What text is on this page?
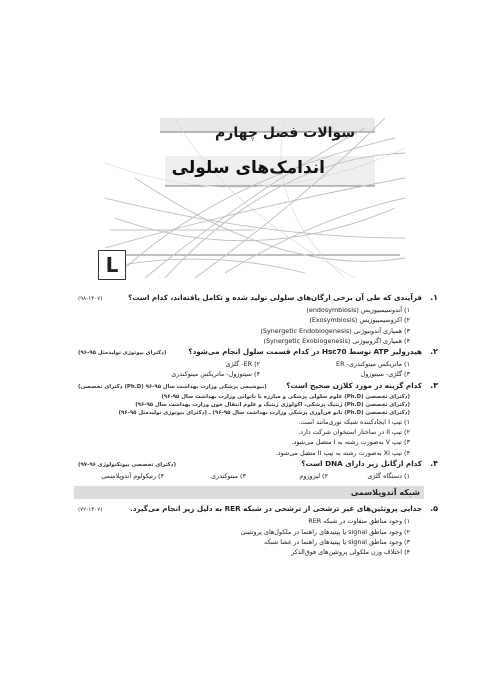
سوالات فصل چهارم
اندامک‌های سلولی
L
۱.
فرآیندی که طی آن برخی ارگان‌های سلولی تولید شده و تکامل یافته‌اند، کدام است؟
(۹۸-۱۴۰۷)
۱) آندوسیمبیوزیس (endosymbiosis)
۲) اکزوسیمبیوزیس (Exosymbiosis)
۳) همیاری آندوبیوژنی (Synergetic Endobiogenesis)
۴) همیاری اگزوبیوژنی (Synergetic Exobiogenesis)
۲.
هیدرولیز ATP توسط Hsc70 در کدام قسمت سلول انجام می‌شود؟
(دکترای بیوتوژی تولیدمثل ۹۵-۹۶)
۱) ماتریکس میتوکندری- ER
۲) ER- گلژی
۳) گلژی- سیتوزول
۴) سیتوزول- ماتریکس میتوکندری
۳.
کدام گزینه در مورد کلاژن صحیح است؟
(دکترای تخصصی (Ph.D) بیوشیمی پزشکی وزارت بهداشت سال ۹۵-۹۶)
(دکترای تخصصی (Ph.D) علوم سلولی پزشکی و مبارزه با ناتوانی وزارت بهداشت سال ۹۵-۹۶)
(دکترای تخصصی (Ph.D) ژنتیک پزشکی، اکولوژی ژنتیک و علوم انتقال خون وزارت بهداشت سال ۹۵-۹۶)
(دکترای تخصصی (Ph.D) نانو فن‌آوری پزشکی وزارت بهداشت سال ۹۵-۹۶) ـ (دکترای بیوتوژی تولیدمثل ۹۵-۹۶)
۱) تیپ I ایجادکننده شبکه توری‌مانند است.
۲) تیپ II در ساختار استخوان شرکت دارد.
۳) تیپ V به‌صورت رشته به I متصل می‌شود.
۴) تیپ XI به‌صورت رشته به تیپ II متصل می‌شود.
۴.
کدام ارگانل زیر دارای DNA است؟
(دکترای تخصصی بیوتکنولوژی ۹۶-۹۷)
۱) دستگاه گلژی
۲) لیزوزوم
۳) میتوکندری
۴) رتیکولوم آندوپلاسمی
شبکه آندوپلاسمی
۵.
جدایی پروتئین‌های غیر ترشحی از ترشحی در شبکه RER به دلیل زیر انجام می‌گیرد.
(۷۲-۱۴۰۷)
۱) وجود مناطق متفاوت در شبکه RER
۲) وجود مناطق signal یا پپتیدهای راهنما در ملکول‌های پروتئینی
۳) وجود مناطق signal یا پپتیدهای راهنما در غشا شبکه
۴) اختلاف وزن ملکولی پروتئین‌های فوق‌الذکر
